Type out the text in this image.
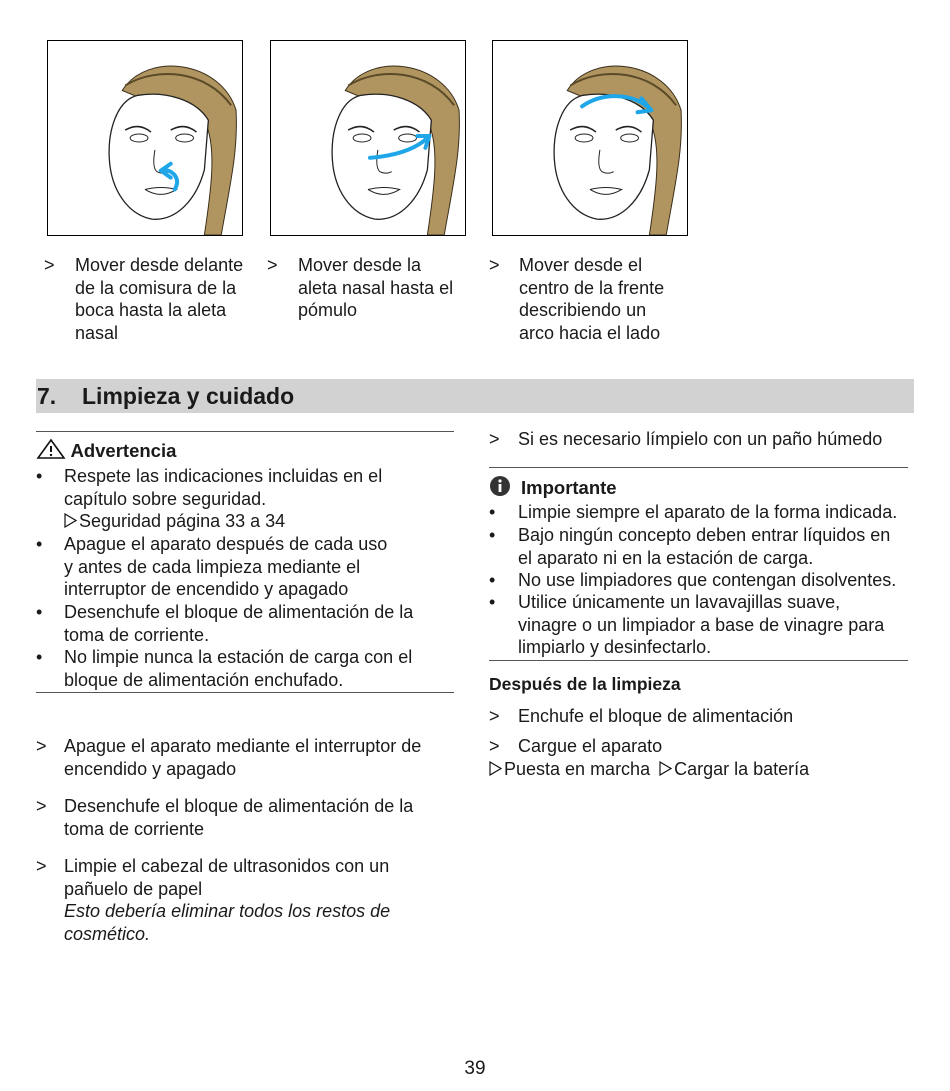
> Mover desde delante
de la comisura de la
boca hasta la aleta
nasal
> Mover desde la
aleta nasal hasta el
pómulo
> Mover desde el
centro de la frente
describiendo un
arco hacia el lado
7. Limpieza y cuidado
Advertencia
• Respete las indicaciones incluidas en el
capítulo sobre seguridad.
Seguridad página 33 a 34
• Apague el aparato después de cada uso
y antes de cada limpieza mediante el
interruptor de encendido y apagado
• Desenchufe el bloque de alimentación de la
toma de corriente.
• No limpie nunca la estación de carga con el
bloque de alimentación enchufado.
> Apague el aparato mediante el interruptor de
encendido y apagado
> Desenchufe el bloque de alimentación de la
toma de corriente
> Limpie el cabezal de ultrasonidos con un
pañuelo de papel
Esto debería eliminar todos los restos de
cosmético.
> Si es necesario límpielo con un paño húmedo
Importante
• Limpie siempre el aparato de la forma indicada.
• Bajo ningún concepto deben entrar líquidos en
el aparato ni en la estación de carga.
• No use limpiadores que contengan disolventes.
• Utilice únicamente un lavavajillas suave,
vinagre o un limpiador a base de vinagre para
limpiarlo y desinfectarlo.
Después de la limpieza
> Enchufe el bloque de alimentación
> Cargue el aparato
Puesta en marcha Cargar la batería
39
